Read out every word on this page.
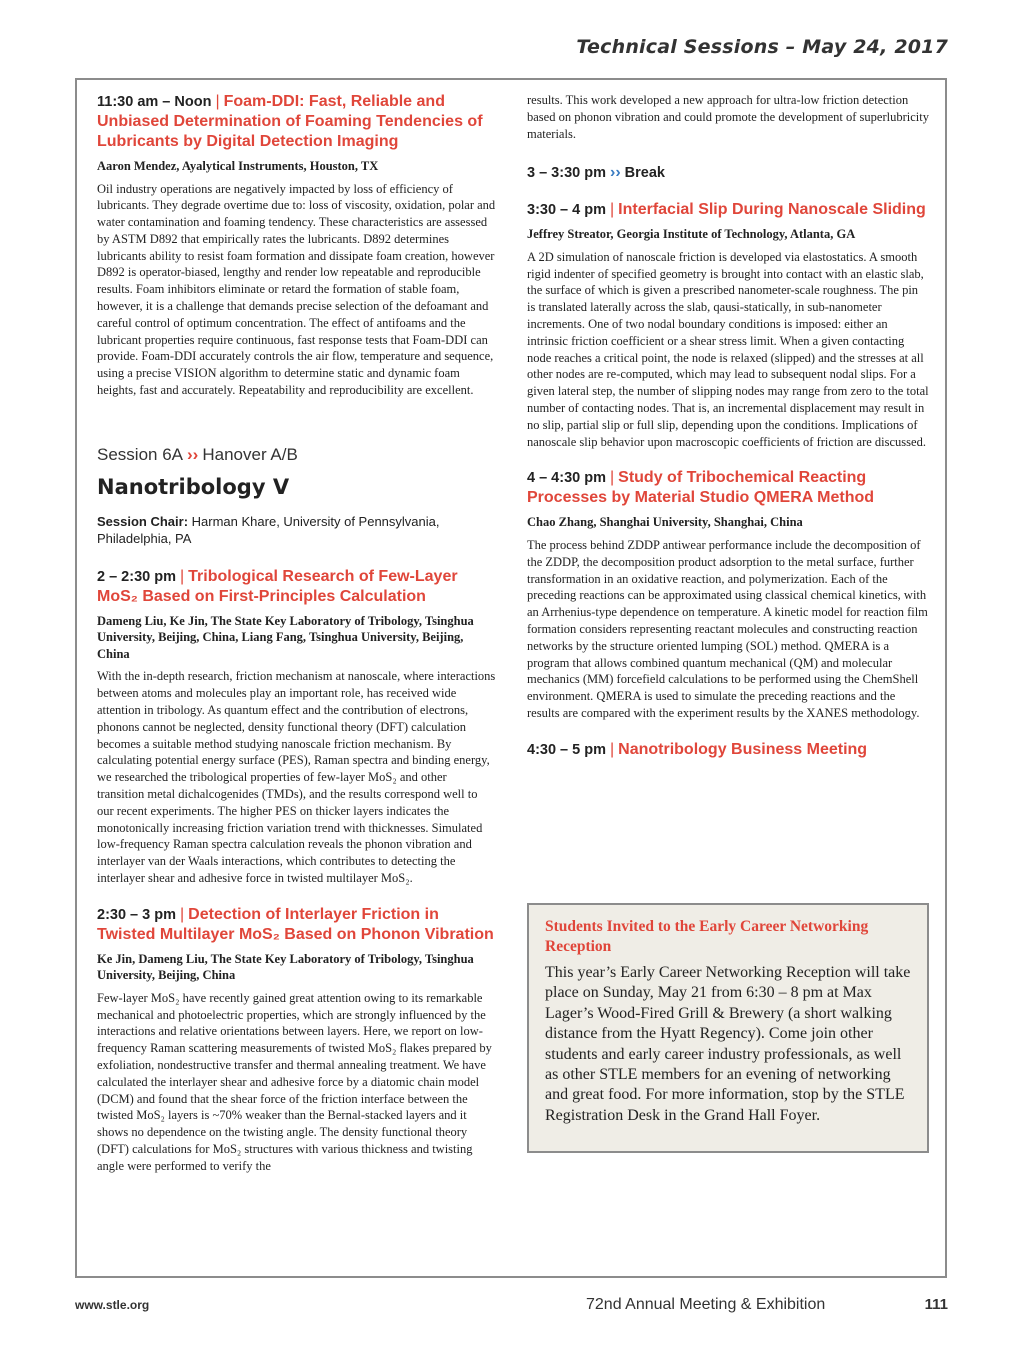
Technical Sessions – May 24, 2017
11:30 am – Noon | Foam-DDI: Fast, Reliable and Unbiased Determination of Foaming Tendencies of Lubricants by Digital Detection Imaging

Aaron Mendez, Ayalytical Instruments, Houston, TX

Oil industry operations are negatively impacted by loss of efficiency of lubricants. They degrade overtime due to: loss of viscosity, oxidation, polar and water contamination and foaming tendency. These characteristics are assessed by ASTM D892 that empirically rates the lubricants. D892 determines lubricants ability to resist foam formation and dissipate foam creation, however D892 is operator-biased, lengthy and render low repeatable and reproducible results. Foam inhibitors eliminate or retard the formation of stable foam, however, it is a challenge that demands precise selection of the defoamant and careful control of optimum concentration. The effect of antifoams and the lubricant properties require continuous, fast response tests that Foam-DDI can provide. Foam-DDI accurately controls the air flow, temperature and sequence, using a precise VISION algorithm to determine static and dynamic foam heights, fast and accurately. Repeatability and reproducibility are excellent.

Session 6A ›› Hanover A/B
Nanotribology V
Session Chair: Harman Khare, University of Pennsylvania, Philadelphia, PA
2 – 2:30 pm | Tribological Research of Few-Layer MoS₂ Based on First-Principles Calculation

Dameng Liu, Ke Jin, The State Key Laboratory of Tribology, Tsinghua University, Beijing, China, Liang Fang, Tsinghua University, Beijing, China

With the in-depth research, friction mechanism at nanoscale, where interactions between atoms and molecules play an important role, has received wide attention in tribology. As quantum effect and the contribution of electrons, phonons cannot be neglected, density functional theory (DFT) calculation becomes a suitable method studying nanoscale friction mechanism. By calculating potential energy surface (PES), Raman spectra and binding energy, we researched the tribological properties of few-layer MoS₂ and other transition metal dichalcogenides (TMDs), and the results correspond well to our recent experiments. The higher PES on thicker layers indicates the monotonically increasing friction variation trend with thicknesses. Simulated low-frequency Raman spectra calculation reveals the phonon vibration and interlayer van der Waals interactions, which contributes to detecting the interlayer shear and adhesive force in twisted multilayer MoS₂.

2:30 – 3 pm | Detection of Interlayer Friction in Twisted Multilayer MoS₂ Based on Phonon Vibration

Ke Jin, Dameng Liu, The State Key Laboratory of Tribology, Tsinghua University, Beijing, China

Few-layer MoS₂ have recently gained great attention owing to its remarkable mechanical and photoelectric properties, which are strongly influenced by the interactions and relative orientations between layers. Here, we report on low-frequency Raman scattering measurements of twisted MoS₂ flakes prepared by exfoliation, nondestructive transfer and thermal annealing treatment. We have calculated the interlayer shear and adhesive force by a diatomic chain model (DCM) and found that the shear force of the friction interface between the twisted MoS₂ layers is ~70% weaker than the Bernal-stacked layers and it shows no dependence on the twisting angle. The density functional theory (DFT) calculations for MoS₂ structures with various thickness and twisting angle were performed to verify the

results. This work developed a new approach for ultra-low friction detection based on phonon vibration and could promote the development of superlubricity materials.

3 – 3:30 pm ›› Break
3:30 – 4 pm | Interfacial Slip During Nanoscale Sliding

Jeffrey Streator, Georgia Institute of Technology, Atlanta, GA

A 2D simulation of nanoscale friction is developed via elastostatics. A smooth rigid indenter of specified geometry is brought into contact with an elastic slab, the surface of which is given a prescribed nanometer-scale roughness. The pin is translated laterally across the slab, qausi-statically, in sub-nanometer increments. One of two nodal boundary conditions is imposed: either an intrinsic friction coefficient or a shear stress limit. When a given contacting node reaches a critical point, the node is relaxed (slipped) and the stresses at all other nodes are re-computed, which may lead to subsequent nodal slips. For a given lateral step, the number of slipping nodes may range from zero to the total number of contacting nodes. That is, an incremental displacement may result in no slip, partial slip or full slip, depending upon the conditions. Implications of nanoscale slip behavior upon macroscopic coefficients of friction are discussed.

4 – 4:30 pm | Study of Tribochemical Reacting Processes by Material Studio QMERA Method

Chao Zhang, Shanghai University, Shanghai, China

The process behind ZDDP antiwear performance include the decomposition of the ZDDP, the decomposition product adsorption to the metal surface, further transformation in an oxidative reaction, and polymerization. Each of the preceding reactions can be approximated using classical chemical kinetics, with an Arrhenius-type dependence on temperature. A kinetic model for reaction film formation considers representing reactant molecules and constructing reaction networks by the structure oriented lumping (SOL) method. QMERA is a program that allows combined quantum mechanical (QM) and molecular mechanics (MM) forcefield calculations to be performed using the ChemShell environment. QMERA is used to simulate the preceding reactions and the results are compared with the experiment results by the XANES methodology.

4:30 – 5 pm | Nanotribology Business Meeting

Students Invited to the Early Career Networking Reception

This year’s Early Career Networking Reception will take place on Sunday, May 21 from 6:30 – 8 pm at Max Lager’s Wood-Fired Grill & Brewery (a short walking distance from the Hyatt Regency). Come join other students and early career industry professionals, as well as other STLE members for an evening of networking and great food. For more information, stop by the STLE Registration Desk in the Grand Hall Foyer.

www.stle.org	72nd Annual Meeting & Exhibition	111
